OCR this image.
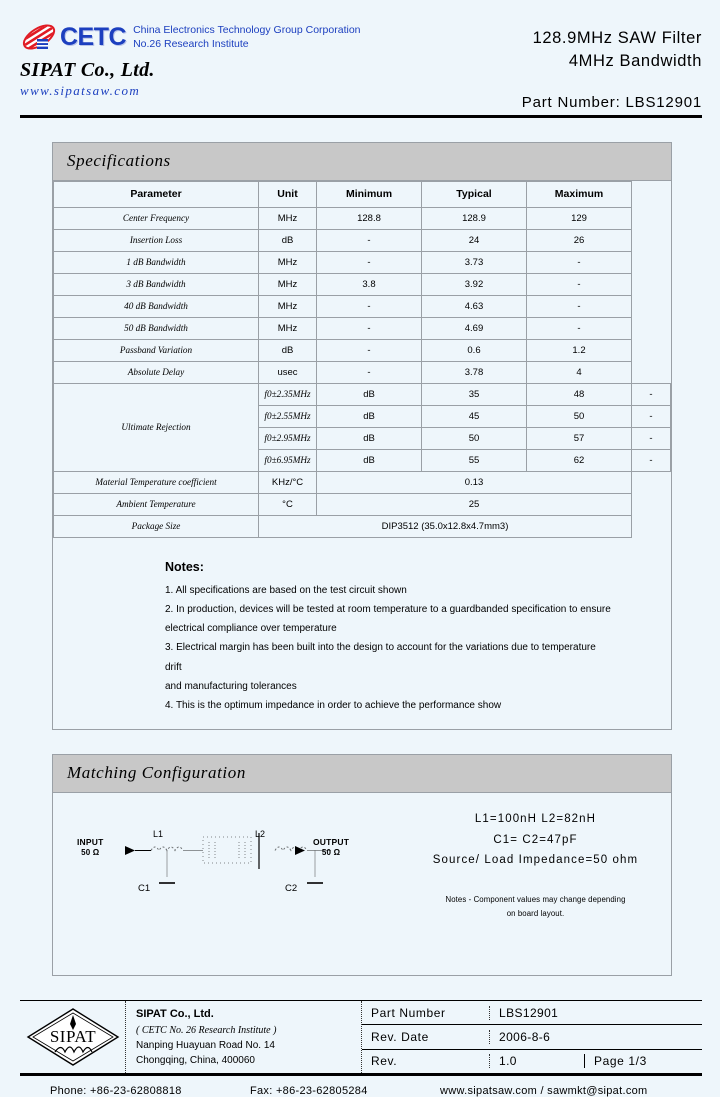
CETC China Electronics Technology Group Corporation
No.26 Research Institute
SIPAT Co., Ltd.
www.sipatsaw.com
128.9MHz SAW Filter
4MHz Bandwidth
Part Number: LBS12901
Specifications
Parameter	Unit	Minimum	Typical	Maximum	
Center Frequency	MHz	128.8	128.9	129	
Insertion Loss	dB	-	24	26	
1 dB Bandwidth	MHz	-	3.73	-	
3 dB Bandwidth	MHz	3.8	3.92	-	
40 dB Bandwidth	MHz	-	4.63	-	
50 dB Bandwidth	MHz	-	4.69	-	
Passband Variation	dB	-	0.6	1.2	
Absolute Delay	usec	-	3.78	4	
Ultimate Rejection	f0±2.35MHz	dB	35	48	-
	f0±2.55MHz	dB	45	50	-
	f0±2.95MHz	dB	50	57	-
	f0±6.95MHz	dB	55	62	-
Material Temperature coefficient	KHz/°C	0.13			
Ambient Temperature	°C	25			
Package Size	DIP3512 (35.0x12.8x4.7mm3)				
Notes:
1. All specifications are based on the test circuit shown
2. In production, devices will be tested at room temperature to a guardbanded specification to ensure
electrical compliance over temperature
3. Electrical margin has been built into the design to account for the variations due to temperature drift
and manufacturing tolerances
4. This is the optimum impedance in order to achieve the performance show
Matching Configuration
INPUT
50 Ω
OUTPUT
50 Ω
L1	L2
C1	C2
L1=100nH L2=82nH
C1= C2=47pF
Source/ Load Impedance=50 ohm
Notes - Component values may change depending
on board layout.
SIPAT
SIPAT Co., Ltd.
( CETC No. 26 Research Institute )
Nanping Huayuan Road No. 14
Chongqing, China, 400060
Part Number	LBS12901
Rev. Date	2006-8-6
Rev.	1.0	Page 1/3
Phone: +86-23-62808818	Fax: +86-23-62805284	www.sipatsaw.com / sawmkt@sipat.com
